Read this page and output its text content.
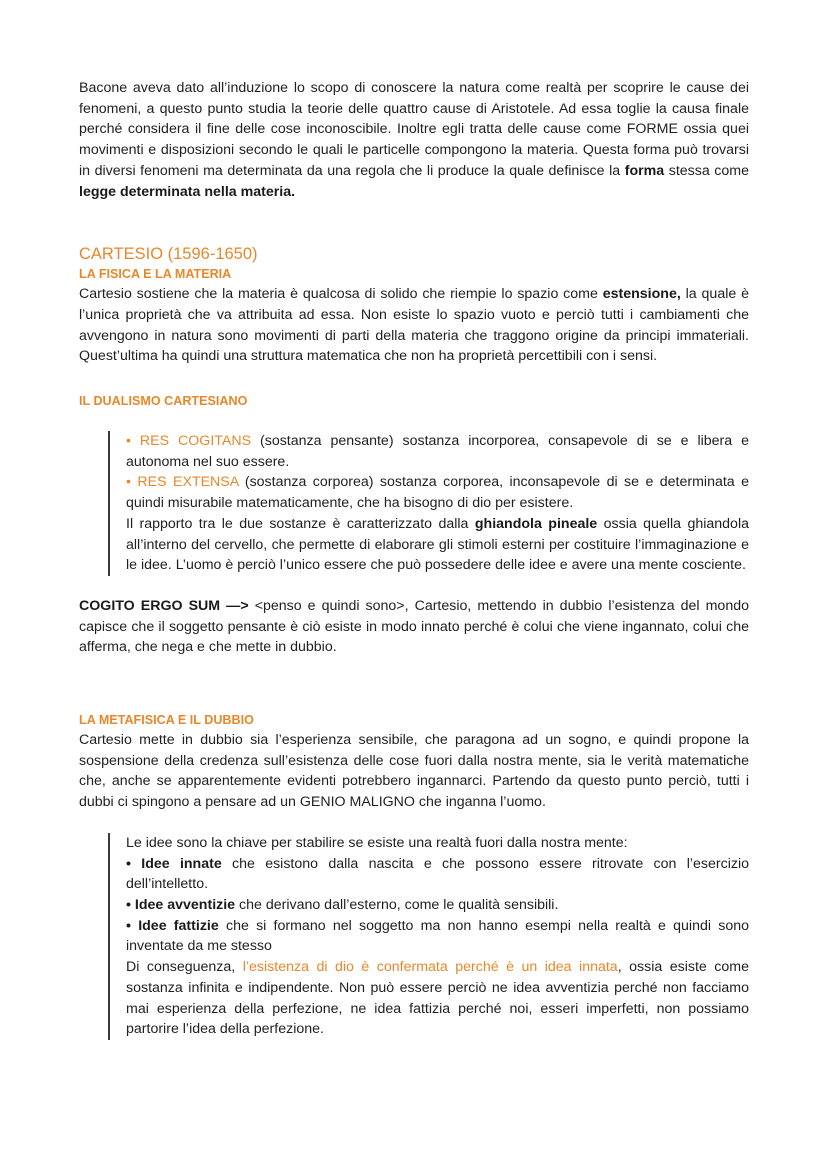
Bacone aveva dato all’induzione lo scopo di conoscere la natura come realtà per scoprire le cause dei fenomeni, a questo punto studia la teorie delle quattro cause di Aristotele. Ad essa toglie la causa finale perché considera il fine delle cose inconoscibile. Inoltre egli tratta delle cause come FORME ossia quei movimenti e disposizioni secondo le quali le particelle compongono la materia. Questa forma può trovarsi in diversi fenomeni ma determinata da una regola che li produce la quale definisce la forma stessa come legge determinata nella materia.

CARTESIO (1596-1650)
LA FISICA E LA MATERIA

Cartesio sostiene che la materia è qualcosa di solido che riempie lo spazio come estensione, la quale è l’unica proprietà che va attribuita ad essa. Non esiste lo spazio vuoto e perciò tutti i cambiamenti che avvengono in natura sono movimenti di parti della materia che traggono origine da principi immateriali. Quest’ultima ha quindi una struttura matematica che non ha proprietà percettibili con i sensi.

IL DUALISMO CARTESIANO

• RES COGITANS (sostanza pensante) sostanza incorporea, consapevole di se e libera e autonoma nel suo essere.

• RES EXTENSA (sostanza corporea) sostanza corporea, inconsapevole di se e determinata e quindi misurabile matematicamente, che ha bisogno di dio per esistere.

Il rapporto tra le due sostanze è caratterizzato dalla ghiandola pineale ossia quella ghiandola all’interno del cervello, che permette di elaborare gli stimoli esterni per costituire l’immaginazione e le idee. L’uomo è perciò l’unico essere che può possedere delle idee e avere una mente cosciente.

COGITO ERGO SUM —> <penso e quindi sono>, Cartesio, mettendo in dubbio l’esistenza del mondo capisce che il soggetto pensante è ciò esiste in modo innato perché è colui che viene ingannato, colui che afferma, che nega e che mette in dubbio.

LA METAFISICA E IL DUBBIO

Cartesio mette in dubbio sia l’esperienza sensibile, che paragona ad un sogno, e quindi propone la sospensione della credenza sull’esistenza delle cose fuori dalla nostra mente, sia le verità matematiche che, anche se apparentemente evidenti potrebbero ingannarci. Partendo da questo punto perciò, tutti i dubbi ci spingono a pensare ad un GENIO MALIGNO che inganna l’uomo.

Le idee sono la chiave per stabilire se esiste una realtà fuori dalla nostra mente:

• Idee innate che esistono dalla nascita e che possono essere ritrovate con l’esercizio dell’intelletto.

• Idee avventizie che derivano dall’esterno, come le qualità sensibili.

• Idee fattizie che si formano nel soggetto ma non hanno esempi nella realtà e quindi sono inventate da me stesso

Di conseguenza, l’esistenza di dio è confermata perché è un idea innata, ossia esiste come sostanza infinita e indipendente. Non può essere perciò ne idea avventizia perché non facciamo mai esperienza della perfezione, ne idea fattizia perché noi, esseri imperfetti, non possiamo partorire l’idea della perfezione.
